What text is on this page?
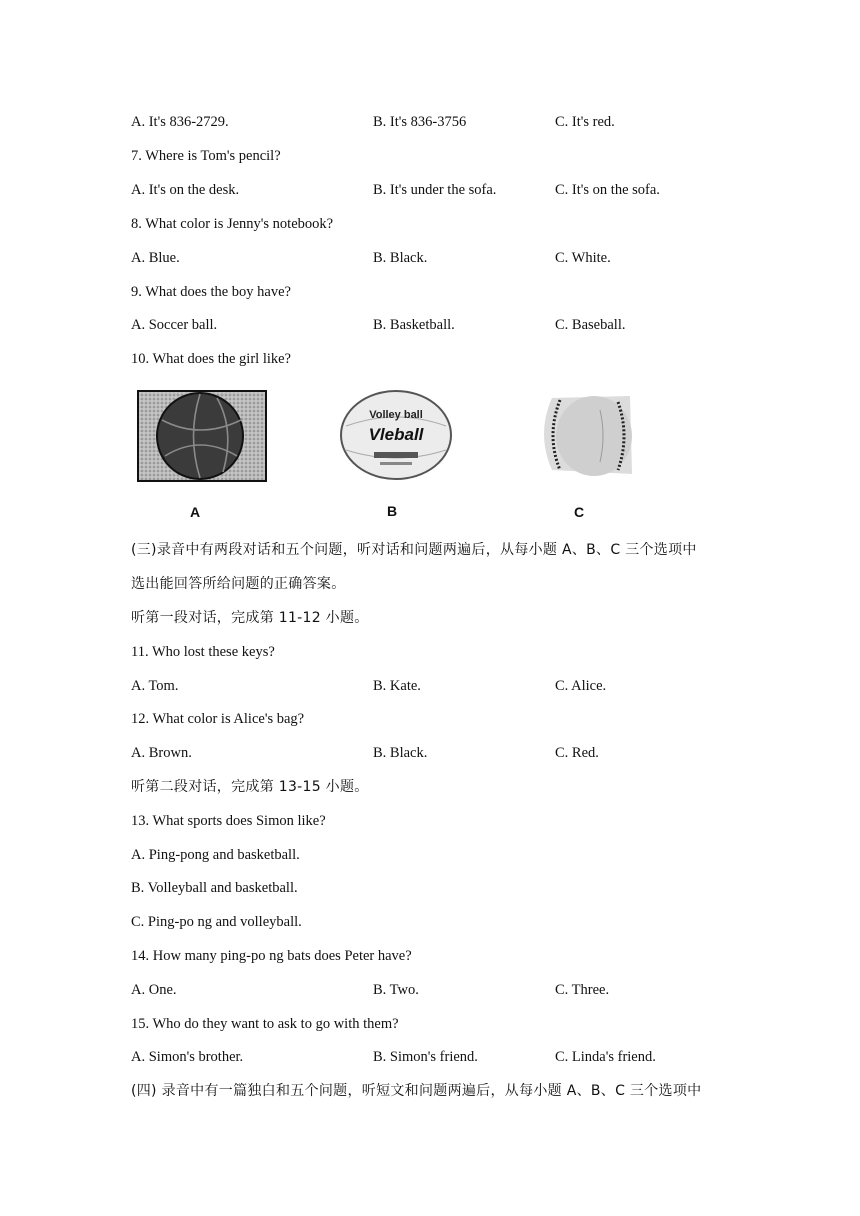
A. It's 836-2729.	B. It's 836-3756	C. It's red.
7. Where is Tom's pencil?
A. It's on the desk.	B. It's under the sofa.	C. It's on the sofa.
8. What color is Jenny's notebook?
A. Blue.	B. Black.	C. White.
9. What does the boy have?
A. Soccer ball.	B. Basketball.	C. Baseball.
10. What does the girl like?
A
Volley ball
Vleball
B	C
(三)录音中有两段对话和五个问题，听对话和问题两遍后，从每小题 A、B、C 三个选项中
选出能回答所给问题的正确答案。
听第一段对话，完成第 11-12 小题。
11. Who lost these keys?
A. Tom.	B. Kate.	C. Alice.
12. What color is Alice's bag?
A. Brown.	B. Black.	C. Red.
听第二段对话，完成第 13-15 小题。
13. What sports does Simon like?
A. Ping-pong and basketball.
B. Volleyball and basketball.
C. Ping-po ng and volleyball.
14. How many ping-po ng bats does Peter have?
A. One.	B. Two.	C. Three.
15. Who do they want to ask to go with them?
A. Simon's brother.	B. Simon's friend.	C. Linda's friend.
(四) 录音中有一篇独白和五个问题，听短文和问题两遍后，从每小题 A、B、C 三个选项中
